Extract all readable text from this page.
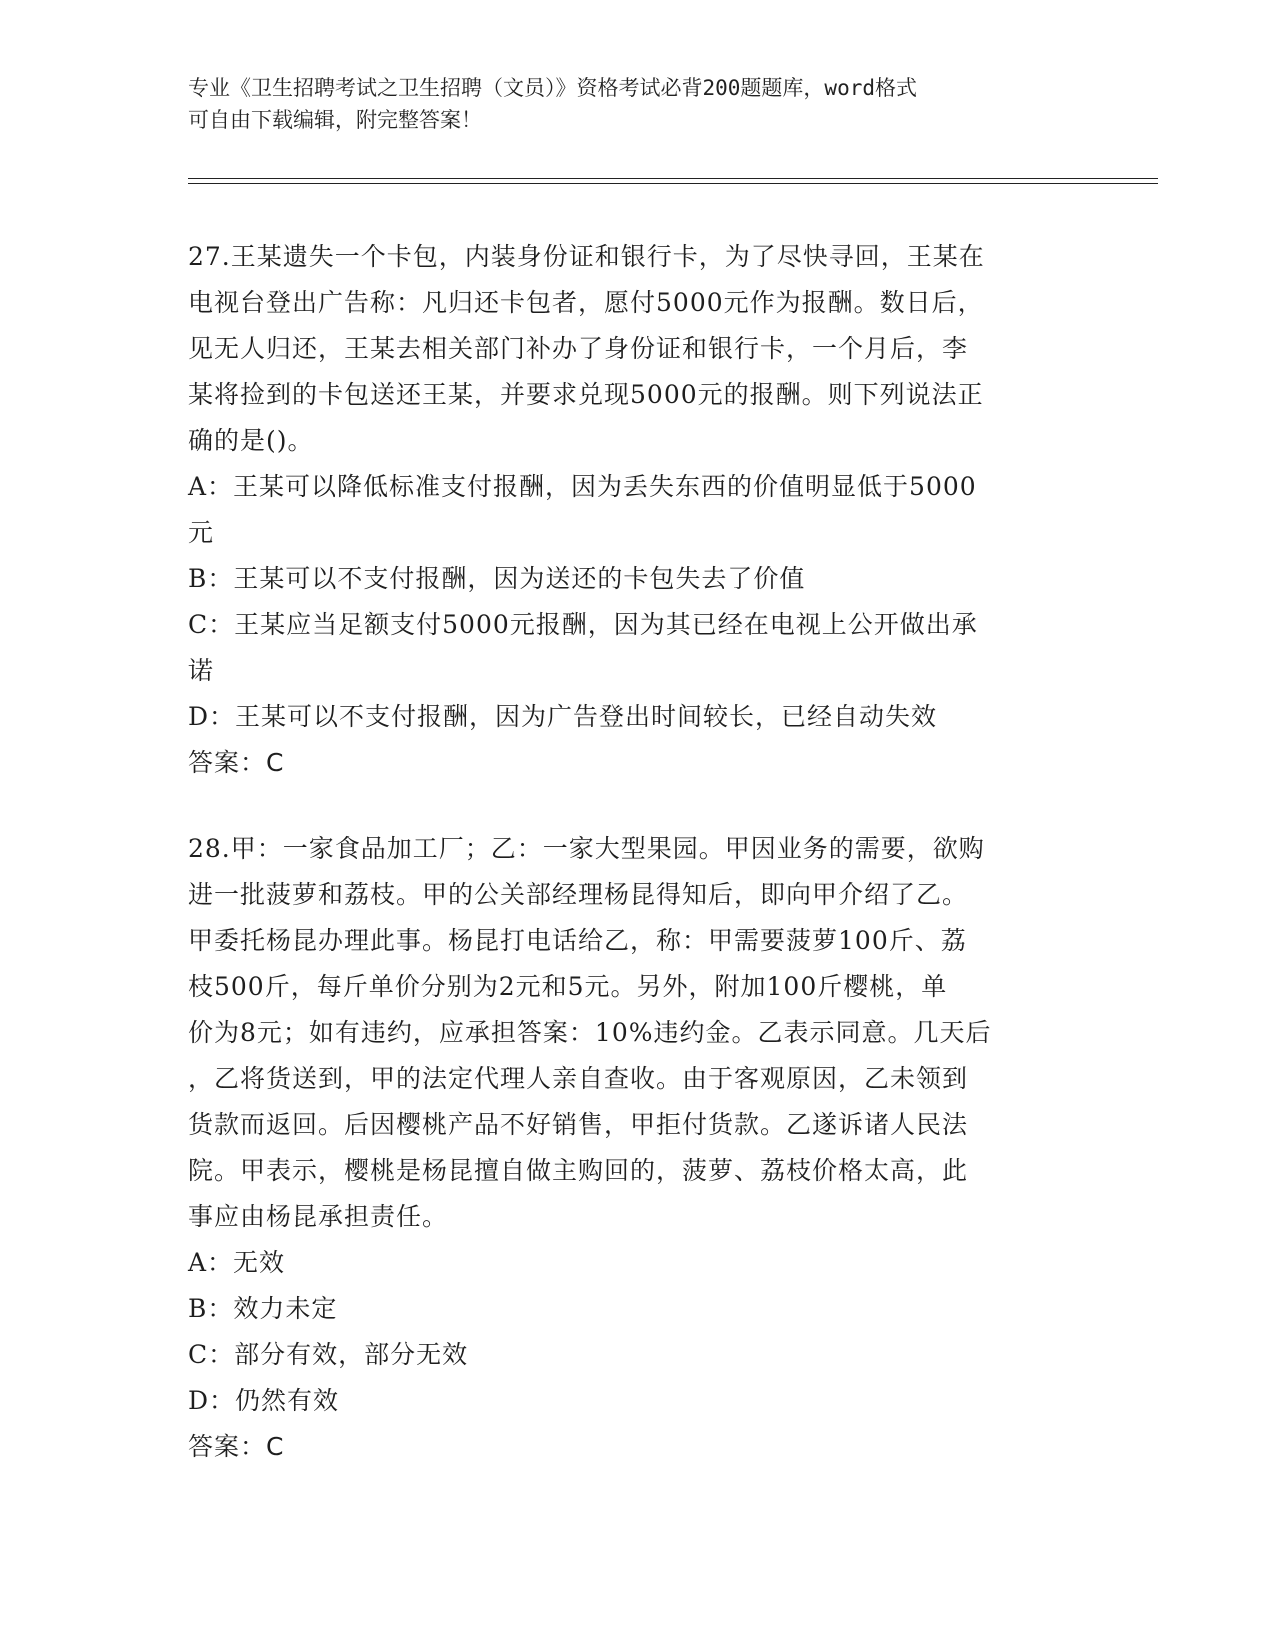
专业《卫生招聘考试之卫生招聘（文员）》资格考试必背200题题库，word格式
可自由下载编辑，附完整答案！
27.王某遗失一个卡包，内装身份证和银行卡，为了尽快寻回，王某在
电视台登出广告称：凡归还卡包者，愿付5000元作为报酬。数日后，
见无人归还，王某去相关部门补办了身份证和银行卡，一个月后，李
某将捡到的卡包送还王某，并要求兑现5000元的报酬。则下列说法正
确的是()。
A：王某可以降低标准支付报酬，因为丢失东西的价值明显低于5000
元
B：王某可以不支付报酬，因为送还的卡包失去了价值
C：王某应当足额支付5000元报酬，因为其已经在电视上公开做出承
诺
D：王某可以不支付报酬，因为广告登出时间较长，已经自动失效
答案：C
28.甲：一家食品加工厂；乙：一家大型果园。甲因业务的需要，欲购
进一批菠萝和荔枝。甲的公关部经理杨昆得知后，即向甲介绍了乙。
甲委托杨昆办理此事。杨昆打电话给乙，称：甲需要菠萝100斤、荔
枝500斤，每斤单价分别为2元和5元。另外，附加100斤樱桃，单
价为8元；如有违约，应承担答案：10%违约金。乙表示同意。几天后
，乙将货送到，甲的法定代理人亲自查收。由于客观原因，乙未领到
货款而返回。后因樱桃产品不好销售，甲拒付货款。乙遂诉诸人民法
院。甲表示，樱桃是杨昆擅自做主购回的，菠萝、荔枝价格太高，此
事应由杨昆承担责任。
A：无效
B：效力未定
C：部分有效，部分无效
D：仍然有效
答案：C
